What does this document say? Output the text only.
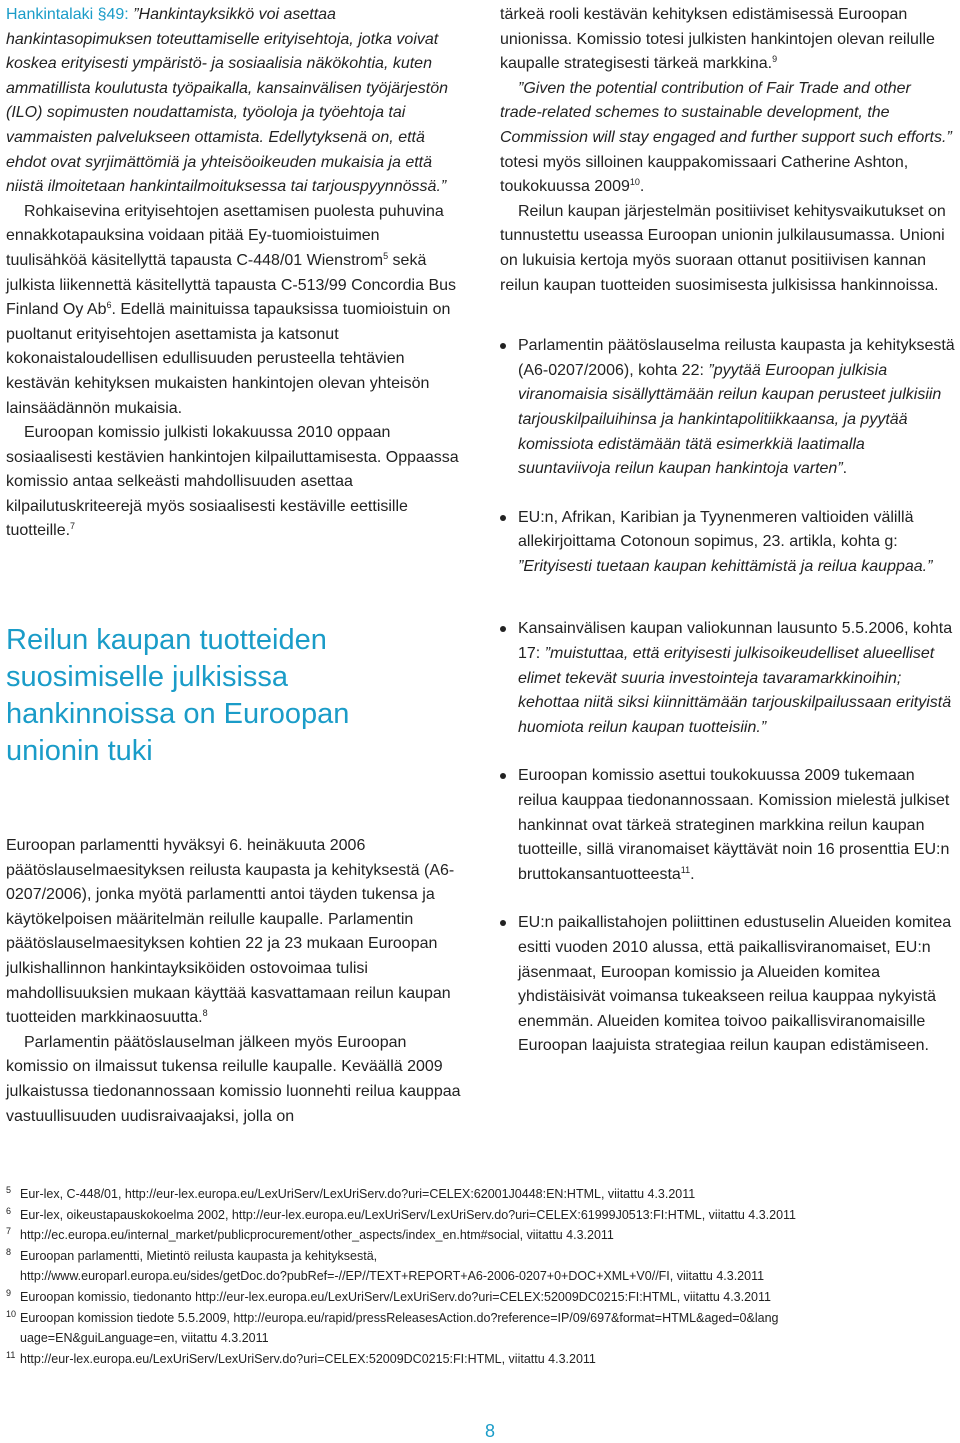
Hankintalaki §49: ”Hankintayksikkö voi asettaa hankintasopimuksen toteuttamiselle erityisehtoja, jotka voivat koskea erityisesti ympäristö- ja sosiaalisia näkökohtia, kuten ammatillista koulutusta työpaikalla, kansainvälisen työjärjestön (ILO) sopimusten noudattamista, työoloja ja työehtoja tai vammaisten palvelukseen ottamista. Edellytyksenä on, että ehdot ovat syrjimättömiä ja yhteisöoikeuden mukaisia ja että niistä ilmoitetaan hankintailmoituksessa tai tarjouspyynnössä.”

Rohkaisevina erityisehtojen asettamisen puolesta puhuvina ennakkotapauksina voidaan pitää Ey-tuomioistuimen tuulisähköä käsitellyttä tapausta C-448/01 Wienstrom$^5$ sekä julkista liikennettä käsitellyttä tapausta C-513/99 Concordia Bus Finland Oy Ab$^6$. Edellä mainituissa tapauksissa tuomioistuin on puoltanut erityisehtojen asettamista ja katsonut kokonaistaloudellisen edullisuuden perusteella tehtävien kestävän kehityksen mukaisten hankintojen olevan yhteisön lainsäädännön mukaisia.

Euroopan komissio julkisti lokakuussa 2010 oppaan sosiaalisesti kestävien hankintojen kilpailuttamisesta. Oppaassa komissio antaa selkeästi mahdollisuuden asettaa kilpailutuskriteerejä myös sosiaalisesti kestäville eettisille tuotteille.$^7$

Reilun kaupan tuotteiden suosimiselle julkisissa hankinnoissa on Euroopan unionin tuki

Euroopan parlamentti hyväksyi 6. heinäkuuta 2006 päätöslauselmaesityksen reilusta kaupasta ja kehityksestä (A6-0207/2006), jonka myötä parlamentti antoi täyden tukensa ja käytökelpoisen määritelmän reilulle kaupalle. Parlamentin päätöslauselmaesityksen kohtien 22 ja 23 mukaan Euroopan julkishallinnon hankintayksiköiden ostovoimaa tulisi mahdollisuuksien mukaan käyttää kasvattamaan reilun kaupan tuotteiden markkinaosuutta.$^8$

Parlamentin päätöslauselman jälkeen myös Euroopan komissio on ilmaissut tukensa reilulle kaupalle. Keväällä 2009 julkaistussa tiedonannossaan komissio luonnehti reilua kauppaa vastuullisuuden uudisraivaajaksi, jolla on

tärkeä rooli kestävän kehityksen edistämisessä Euroopan unionissa. Komissio totesi julkisten hankintojen olevan reilulle kaupalle strategisesti tärkeä markkina.$^9$

”Given the potential contribution of Fair Trade and other trade-related schemes to sustainable development, the Commission will stay engaged and further support such efforts.” totesi myös silloinen kauppakomissaari Catherine Ashton, toukokuussa 2009$^{10}$.

Reilun kaupan järjestelmän positiiviset kehitysvaikutukset on tunnustettu useassa Euroopan unionin julkilausumassa. Unioni on lukuisia kertoja myös suoraan ottanut positiivisen kannan reilun kaupan tuotteiden suosimisesta julkisissa hankinnoissa.

Parlamentin päätöslauselma reilusta kaupasta ja kehityksestä (A6-0207/2006), kohta 22: ”pyytää Euroopan julkisia viranomaisia sisällyttämään reilun kaupan perusteet julkisiin tarjouskilpailuihinsa ja hankintapolitiikkaansa, ja pyytää komissiota edistämään tätä esimerkkiä laatimalla suuntaviivoja reilun kaupan hankintoja varten”.
EU:n, Afrikan, Karibian ja Tyynenmeren valtioiden välillä allekirjoittama Cotonoun sopimus, 23. artikla, kohta g: ”Erityisesti tuetaan kaupan kehittämistä ja reilua kauppaa.”
Kansainvälisen kaupan valiokunnan lausunto 5.5.2006, kohta 17: ”muistuttaa, että erityisesti julkisoikeudelliset alueelliset elimet tekevät suuria investointeja tavaramarkkinoihin; kehottaa niitä siksi kiinnittämään tarjouskilpailussaan erityistä huomiota reilun kaupan tuotteisiin.”
Euroopan komissio asettui toukokuussa 2009 tukemaan reilua kauppaa tiedonannossaan. Komission mielestä julkiset hankinnat ovat tärkeä strateginen markkina reilun kaupan tuotteille, sillä viranomaiset käyttävät noin 16 prosenttia EU:n bruttokansantuotteesta$^{11}$.
EU:n paikallistahojen poliittinen edustuselin Alueiden komitea esitti vuoden 2010 alussa, että paikallisviranomaiset, EU:n jäsenmaat, Euroopan komissio ja Alueiden komitea yhdistäisivät voimansa tukeakseen reilua kauppaa nykyistä enemmän. Alueiden komitea toivoo paikallisviranomaisille Euroopan laajuista strategiaa reilun kaupan edistämiseen.

5 Eur-lex, C-448/01, http://eur-lex.europa.eu/LexUriServ/LexUriServ.do?uri=CELEX:62001J0448:EN:HTML, viitattu 4.3.2011

6 Eur-lex, oikeustapauskokoelma 2002, http://eur-lex.europa.eu/LexUriServ/LexUriServ.do?uri=CELEX:61999J0513:FI:HTML, viitattu 4.3.2011

7 http://ec.europa.eu/internal_market/publicprocurement/other_aspects/index_en.htm#social, viitattu 4.3.2011

8 Euroopan parlamentti, Mietintö reilusta kaupasta ja kehityksestä,
http://www.europarl.europa.eu/sides/getDoc.do?pubRef=-//EP//TEXT+REPORT+A6-2006-0207+0+DOC+XML+V0//FI, viitattu 4.3.2011

9 Euroopan komissio, tiedonanto http://eur-lex.europa.eu/LexUriServ/LexUriServ.do?uri=CELEX:52009DC0215:FI:HTML, viitattu 4.3.2011

10 Euroopan komission tiedote 5.5.2009, http://europa.eu/rapid/pressReleasesAction.do?reference=IP/09/697&format=HTML&aged=0&lang
uage=EN&guiLanguage=en, viitattu 4.3.2011

11 http://eur-lex.europa.eu/LexUriServ/LexUriServ.do?uri=CELEX:52009DC0215:FI:HTML, viitattu 4.3.2011

8
